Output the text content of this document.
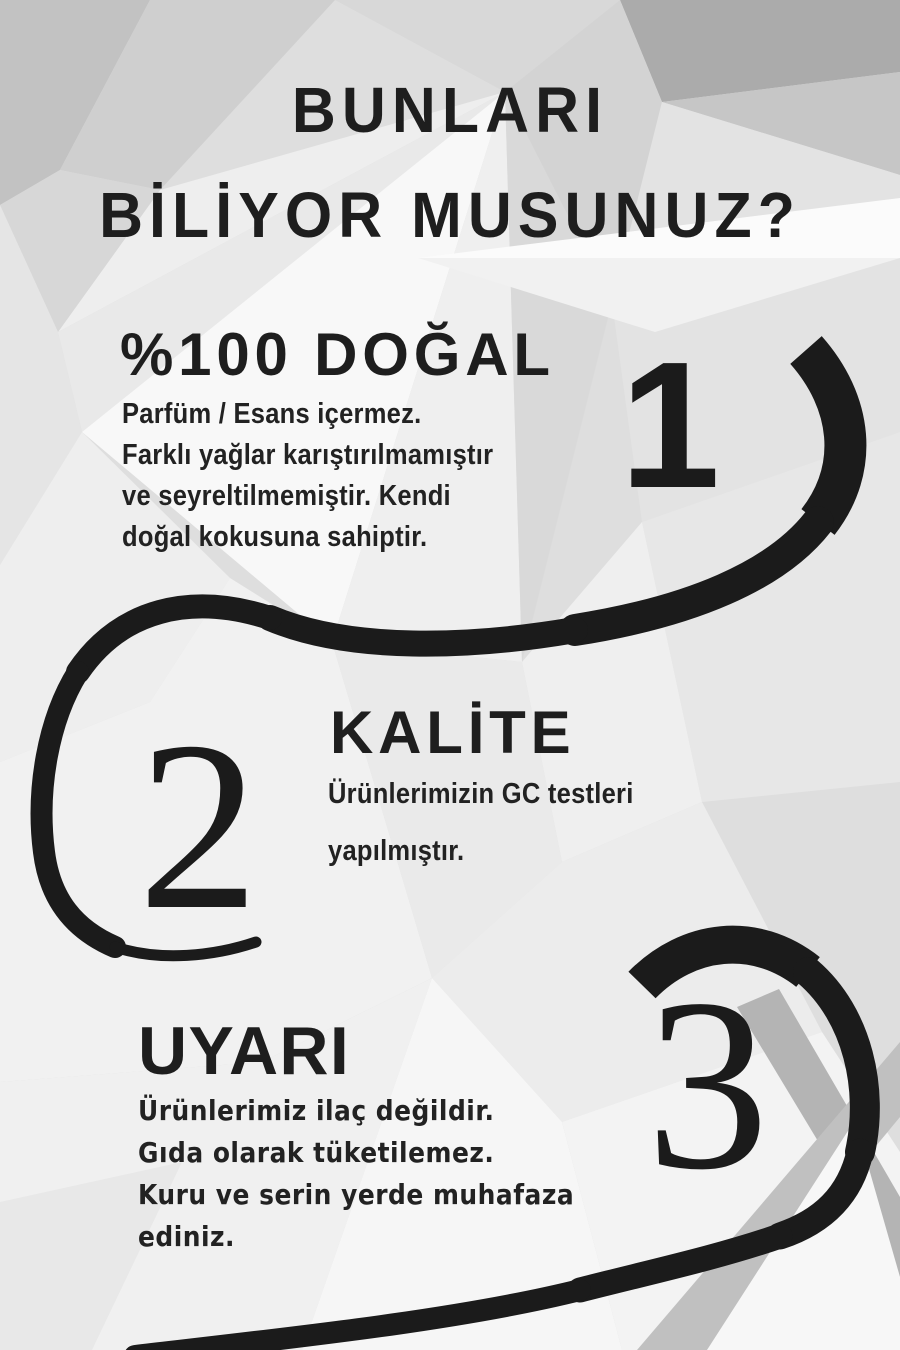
BUNLARI
BİLİYOR MUSUNUZ?
1
%100 DOĞAL
Parfüm / Esans içermez.
Farklı yağlar karıştırılmamıştır
ve seyreltilmemiştir. Kendi
doğal kokusuna sahiptir.
2 KALİTE
Ürünlerimizin GC testleri
yapılmıştır.
3
UYARI
Ürünlerimiz ilaç değildir.
Gıda olarak tüketilemez.
Kuru ve serin yerde muhafaza
ediniz.
